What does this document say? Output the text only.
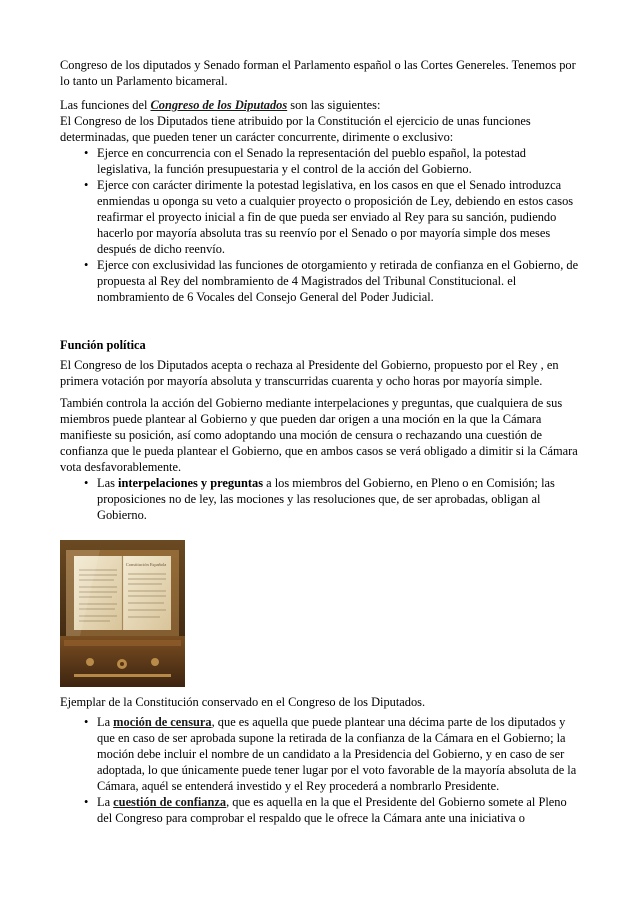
Congreso de los diputados y Senado forman el Parlamento español o las Cortes Genereles. Tenemos por lo tanto un Parlamento bicameral.

Las funciones del Congreso de los Diputados son las siguientes:

El Congreso de los Diputados tiene atribuido por la Constitución el ejercicio de unas funciones determinadas, que pueden tener un carácter concurrente, dirimente o exclusivo:

• Ejerce en concurrencia con el Senado la representación del pueblo español, la potestad legislativa, la función presupuestaria y el control de la acción del Gobierno.
• Ejerce con carácter dirimente la potestad legislativa, en los casos en que el Senado introduzca enmiendas u oponga su veto a cualquier proyecto o proposición de Ley, debiendo en estos casos reafirmar el proyecto inicial a fin de que pueda ser enviado al Rey para su sanción, pudiendo hacerlo por mayoría absoluta tras su reenvío por el Senado o por mayoría simple dos meses después de dicho reenvío.
• Ejerce con exclusividad las funciones de otorgamiento y retirada de confianza en el Gobierno, de propuesta al Rey del nombramiento de 4 Magistrados del Tribunal Constitucional. el nombramiento de 6 Vocales del Consejo General del Poder Judicial.

Función política

El Congreso de los Diputados acepta o rechaza al Presidente del Gobierno, propuesto por el Rey , en primera votación por mayoría absoluta y transcurridas cuarenta y ocho horas por mayoría simple.

También controla la acción del Gobierno mediante interpelaciones y preguntas, que cualquiera de sus miembros puede plantear al Gobierno y que pueden dar origen a una moción en la que la Cámara manifieste su posición, así como adoptando una moción de censura o rechazando una cuestión de confianza que le pueda plantear el Gobierno, que en ambos casos se verá obligado a dimitir si la Cámara vota desfavorablemente.

• Las interpelaciones y preguntas a los miembros del Gobierno, en Pleno o en Comisión; las proposiciones no de ley, las mociones y las resoluciones que, de ser aprobadas, obligan al Gobierno.
Constitución Española

Ejemplar de la Constitución conservado en el Congreso de los Diputados.

• La moción de censura, que es aquella que puede plantear una décima parte de los diputados y que en caso de ser aprobada supone la retirada de la confianza de la Cámara en el Gobierno; la moción debe incluir el nombre de un candidato a la Presidencia del Gobierno, y en caso de ser adoptada, lo que únicamente puede tener lugar por el voto favorable de la mayoría absoluta de la Cámara, aquél se entenderá investido y el Rey procederá a nombrarlo Presidente.
• La cuestión de confianza, que es aquella en la que el Presidente del Gobierno somete al Pleno del Congreso para comprobar el respaldo que le ofrece la Cámara ante una iniciativa o
